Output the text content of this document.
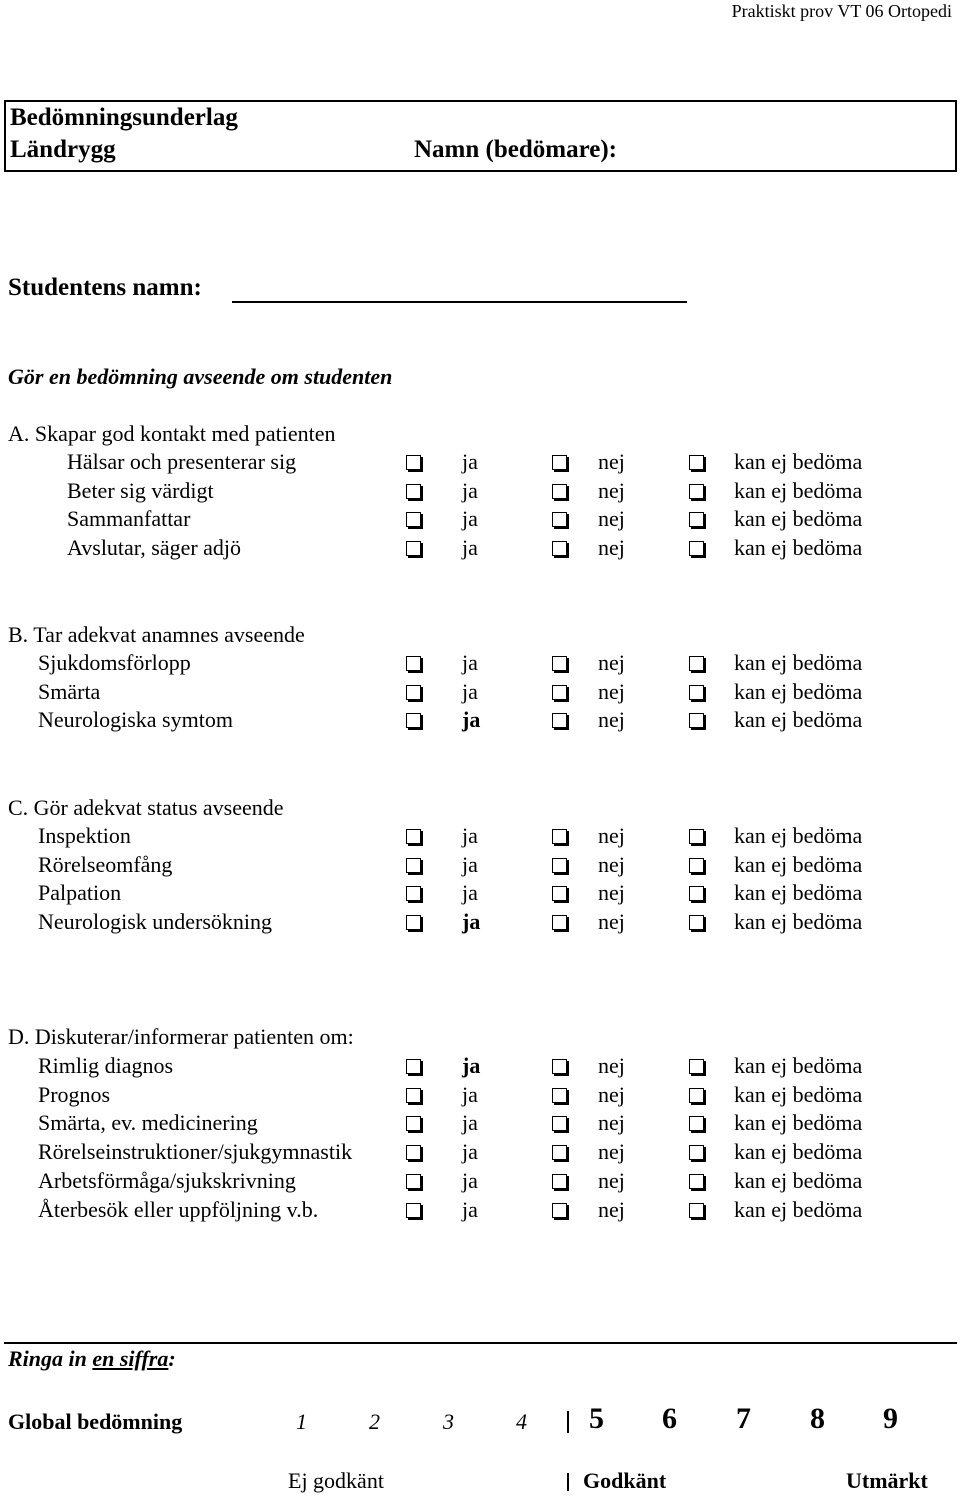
Praktiskt prov VT 06 Ortopedi
Bedömningsunderlag
Ländrygg	Namn (bedömare):
Studentens namn:
Gör en bedömning avseende om studenten
A. Skapar god kontakt med patienten
Hälsar och presenterar sig	ja	nej	kan ej bedöma
Beter sig värdigt	ja	nej	kan ej bedöma
Sammanfattar	ja	nej	kan ej bedöma
Avslutar, säger adjö	ja	nej	kan ej bedöma
B. Tar adekvat anamnes avseende
Sjukdomsförlopp	ja	nej	kan ej bedöma
Smärta	ja	nej	kan ej bedöma
Neurologiska symtom	ja	nej	kan ej bedöma
C. Gör adekvat status avseende
Inspektion	ja	nej	kan ej bedöma
Rörelseomfång	ja	nej	kan ej bedöma
Palpation	ja	nej	kan ej bedöma
Neurologisk undersökning	ja	nej	kan ej bedöma
D. Diskuterar/informerar patienten om:
Rimlig diagnos	ja	nej	kan ej bedöma
Prognos	ja	nej	kan ej bedöma
Smärta, ev. medicinering	ja	nej	kan ej bedöma
Rörelseinstruktioner/sjukgymnastik	ja	nej	kan ej bedöma
Arbetsförmåga/sjukskrivning	ja	nej	kan ej bedöma
Återbesök eller uppföljning v.b.	ja	nej	kan ej bedöma
Ringa in en siffra:
Global bedömning	1	2	3	4 5 6 7 8 9
Ej godkänt	Godkänt	Utmärkt
